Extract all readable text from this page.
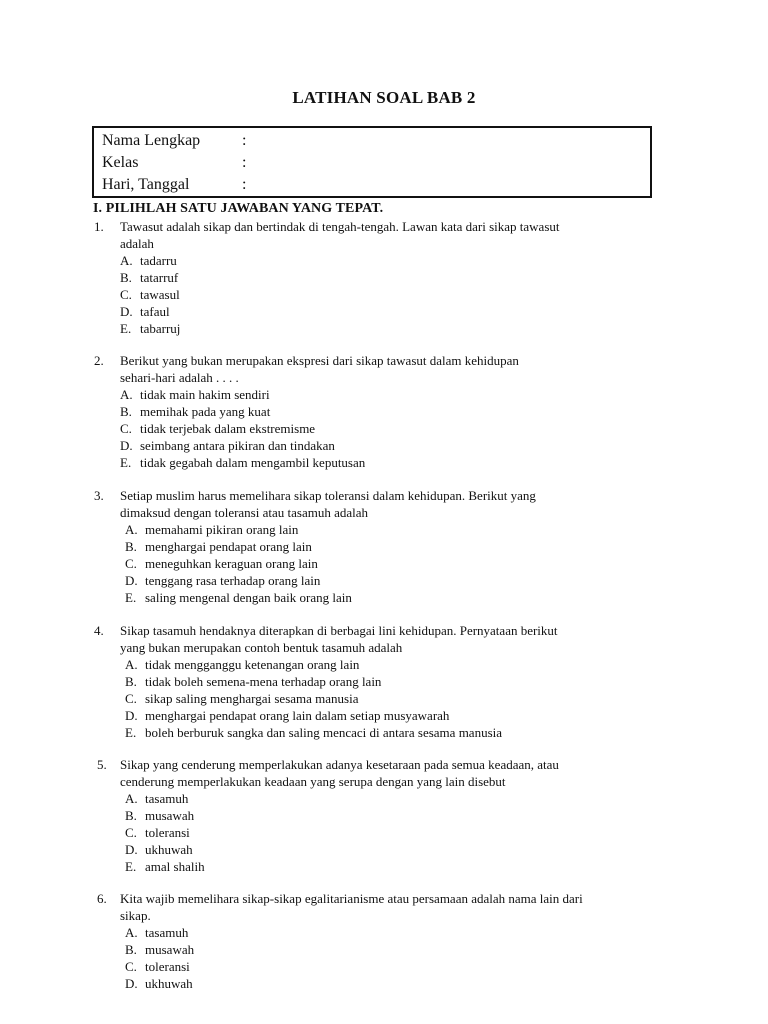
LATIHAN SOAL BAB 2
Nama Lengkap	:
Kelas	:
Hari, Tanggal	:
I. PILIHLAH SATU JAWABAN YANG TEPAT.
1. Tawasut adalah sikap dan bertindak di tengah-tengah. Lawan kata dari sikap tawasut
adalah
A. tadarru
B. tatarruf
C. tawasul
D. tafaul
E. tabarruj
2. Berikut yang bukan merupakan ekspresi dari sikap tawasut dalam kehidupan
sehari-hari adalah . . . .
A. tidak main hakim sendiri
B. memihak pada yang kuat
C. tidak terjebak dalam ekstremisme
D. seimbang antara pikiran dan tindakan
E. tidak gegabah dalam mengambil keputusan
3. Setiap muslim harus memelihara sikap toleransi dalam kehidupan. Berikut yang
dimaksud dengan toleransi atau tasamuh adalah
A. memahami pikiran orang lain
B. menghargai pendapat orang lain
C. meneguhkan keraguan orang lain
D. tenggang rasa terhadap orang lain
E. saling mengenal dengan baik orang lain
4. Sikap tasamuh hendaknya diterapkan di berbagai lini kehidupan. Pernyataan berikut
yang bukan merupakan contoh bentuk tasamuh adalah
A. tidak mengganggu ketenangan orang lain
B. tidak boleh semena-mena terhadap orang lain
C. sikap saling menghargai sesama manusia
D. menghargai pendapat orang lain dalam setiap musyawarah
E. boleh berburuk sangka dan saling mencaci di antara sesama manusia
5. Sikap yang cenderung memperlakukan adanya kesetaraan pada semua keadaan, atau
cenderung memperlakukan keadaan yang serupa dengan yang lain disebut
A. tasamuh
B. musawah
C. toleransi
D. ukhuwah
E. amal shalih
6. Kita wajib memelihara sikap-sikap egalitarianisme atau persamaan adalah nama lain dari
sikap.
A. tasamuh
B. musawah
C. toleransi
D. ukhuwah
